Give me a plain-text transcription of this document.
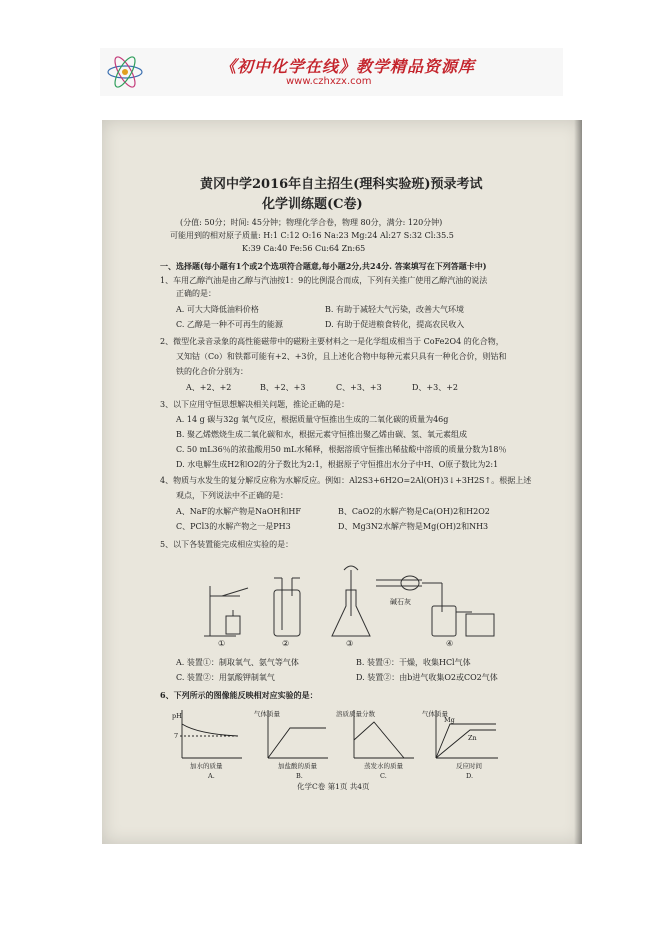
《初中化学在线》教学精品资源库
www.czhxzx.com
黄冈中学2016年自主招生(理科实验班)预录考试
化学训练题(C卷)
(分值: 50分；时间: 45分钟；物理化学合卷，物理 80分，满分: 120分钟)
可能用到的相对原子质量: H:1 C:12 O:16 Na:23 Mg:24 Al:27 S:32 Cl:35.5
K:39 Ca:40 Fe:56 Cu:64 Zn:65
一、选择题(每小题有1个或2个选项符合题意,每小题2分,共24分. 答案填写在下列答题卡中)
1、车用乙醇汽油是由乙醇与汽油按1：9的比例混合而成，下列有关推广使用乙醇汽油的说法
正确的是：
A. 可大大降低油料价格	B. 有助于减轻大气污染，改善大气环境
C. 乙醇是一种不可再生的能源	D. 有助于促进粮食转化，提高农民收入
2、微型化录音录象的高性能磁带中的磁粉主要材料之一是化学组成相当于 CoFe2O4 的化合物，
又知钴（Co）和铁都可能有+2、+3价，且上述化合物中每种元素只具有一种化合价，则钴和
铁的化合价分别为：
A、+2、+2	B、+2、+3	C、+3、+3	D、+3、+2
3、以下应用守恒思想解决相关问题，推论正确的是：
A. 14 g 碳与32g 氧气反应，根据质量守恒推出生成的二氧化碳的质量为46g
B. 聚乙烯燃烧生成二氧化碳和水，根据元素守恒推出聚乙烯由碳、氢、氧元素组成
C. 50 mL36％的浓盐酸用50 mL水稀释，根据溶质守恒推出稀盐酸中溶质的质量分数为18％
D. 水电解生成H2和O2的分子数比为2:1，根据原子守恒推出水分子中H、O原子数比为2:1
4、物质与水发生的复分解反应称为水解反应。例如：Al2S3+6H2O=2Al(OH)3↓+3H2S↑。根据上述
观点，下列说法中不正确的是：
A、NaF的水解产物是NaOH和HF	B、CaO2的水解产物是Ca(OH)2和H2O2
C、PCl3的水解产物之一是PH3	D、Mg3N2水解产物是Mg(OH)2和NH3
5、以下各装置能完成相应实验的是：
碱石灰
①	②	③	④
A. 装置①：制取氧气、氨气等气体	B. 装置④：干燥，收集HCl气体
C. 装置②：用氯酸钾制氧气	D. 装置②：由b进气收集O2或CO2气体
6、下列所示的图像能反映相对应实验的是：
pH
7
加水的质量
A.
气体质量
加盐酸的质量
B.
溶质质量分数
蒸发水的质量
C.
气体质量
Mg
Zn
反应时间
D.
化学C卷 第1页 共4页
